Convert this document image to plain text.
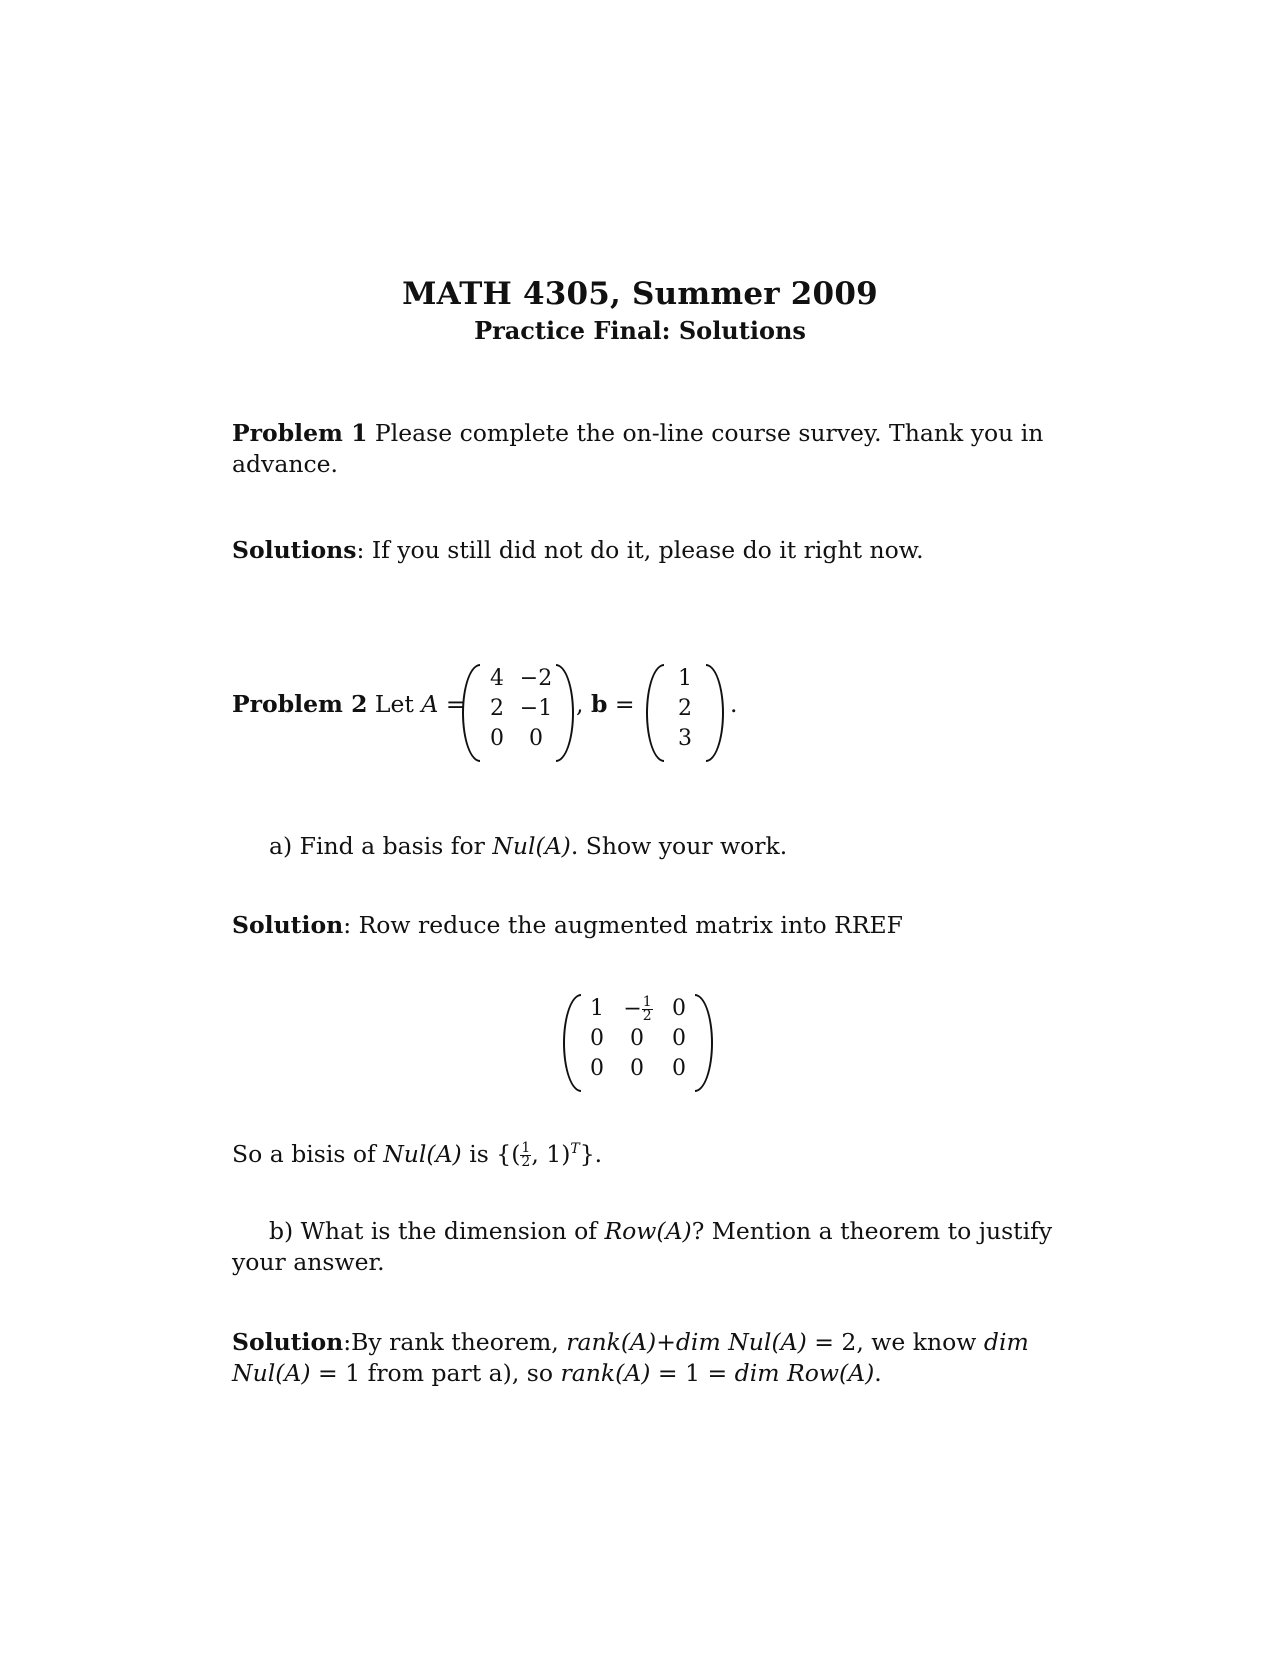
MATH 4305, Summer 2009
Practice Final: Solutions
Problem 1 Please complete the on-line course survey. Thank you in advance.
Solutions: If you still did not do it, please do it right now.
Problem 2 Let A =
4 −2
2 −1
0	0
, b =
1
2
3
.
a) Find a basis for Nul(A). Show your work.
Solution: Row reduce the augmented matrix into RREF
$1 - \frac{1}{2} 0$
0 0 0
0 0 0
So a bisis of Nul(A) is {( $\frac{1}{2}$ , 1)$^T$}.
b) What is the dimension of Row(A)? Mention a theorem to justify your answer.
Solution:By rank theorem, rank(A)+dim Nul(A) = 2, we know dim Nul(A) = 1 from part a), so rank(A) = 1 = dim Row(A).
